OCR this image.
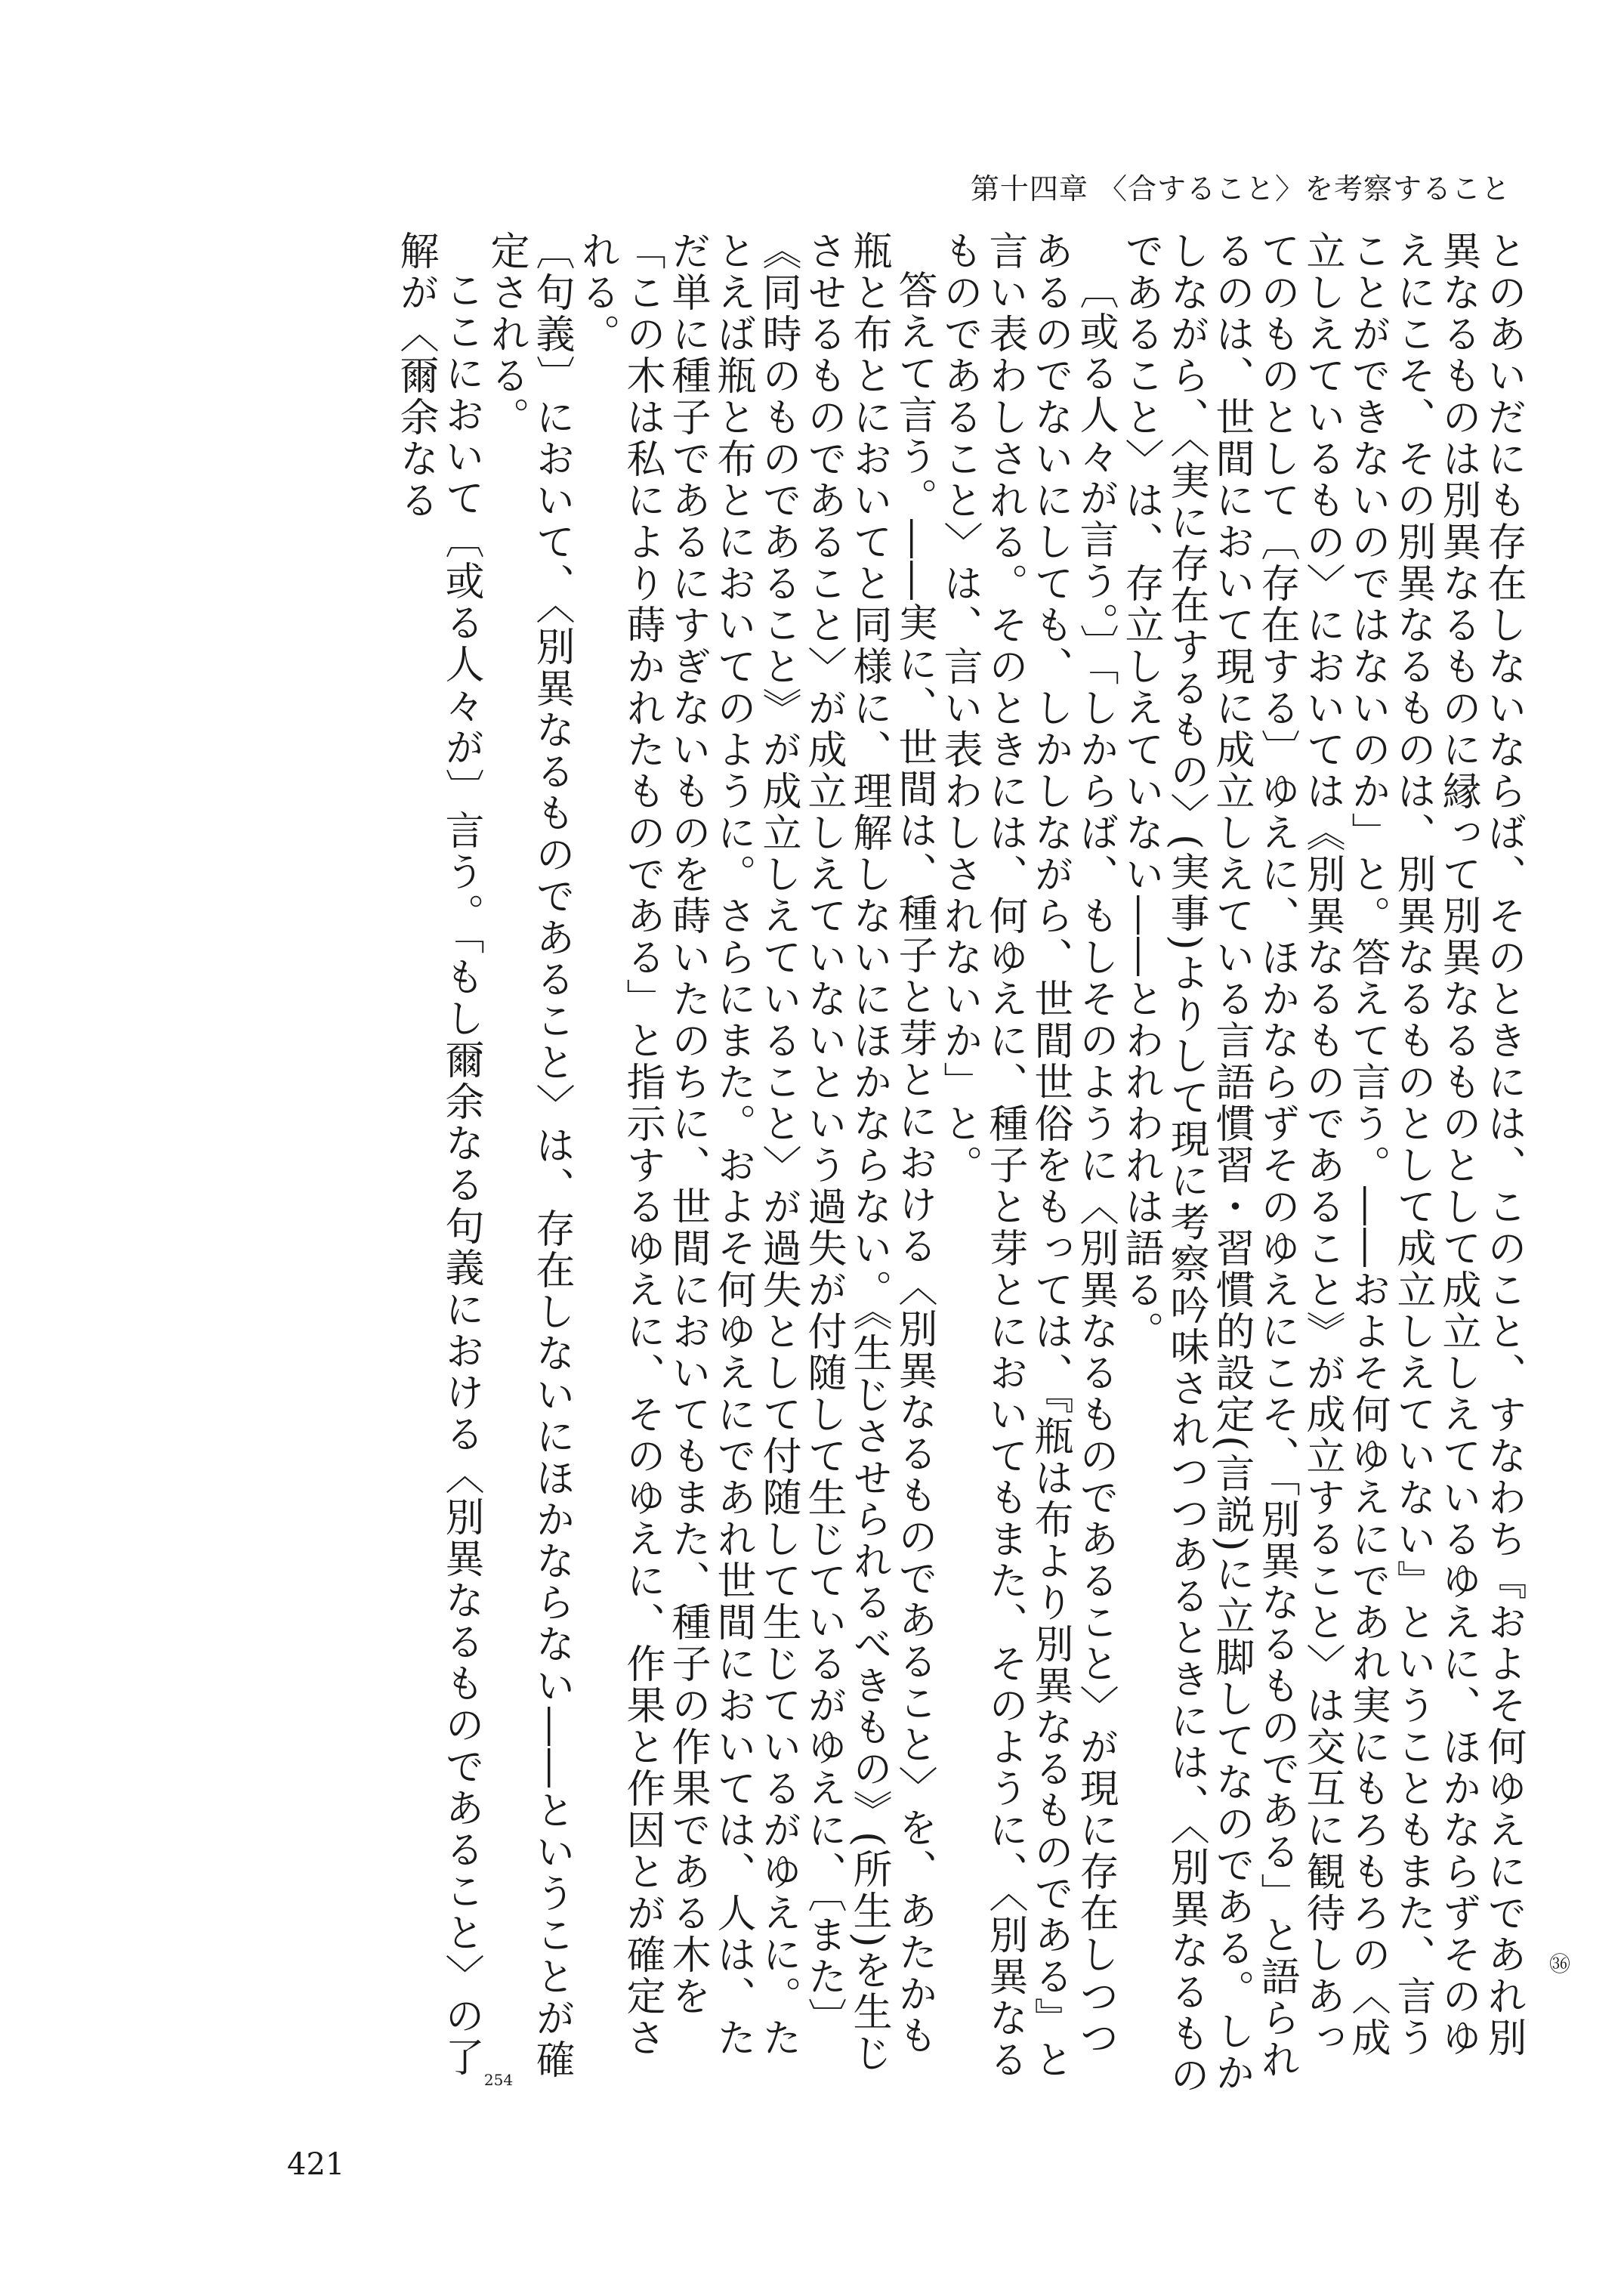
第十四章 〈合すること〉を考察すること

とのあいだにも存在しないならば、そのときには、このこと、すなわち『およそ何ゆえにであれ別異なるものは別異なるものに縁って別異なるものとして成立しえているゆえに、ほかならずそのゆえにこそ、その別異なるものは、別異なるものとして成立しえていない』ということもまた、言うことができないのではないのか」と。答えて言う。――およそ何ゆえにであれ実にもろもろの〈成立しえているもの〉においては《別異なるものであること》が成立すること〉は交互に観待しあってのものとして〔存在する〕ゆえに、ほかならずそのゆえにこそ、「別異なるものである」と語られるのは、世間において現に成立しえている言語慣習・習慣的設定(言説)に立脚してなのである。しかしながら、〈実に存在するもの〉(実事)よりして現に考察吟味されつつあるときには、〈別異なるものであること〉は、存立しえていない――とわれわれは語る。

〔或る人々が言う。〕「しからば、もしそのように〈別異なるものであること〉が現に存在しつつあるのでないにしても、しかしながら、世間世俗をもっては、『瓶は布より別異なるものである』と言い表わしされる。そのときには、何ゆえに、種子と芽とにおいてもまた、そのように、〈別異なるものであること〉は、言い表わしされないか」と。

答えて言う。――実に、世間は、種子と芽とにおける〈別異なるものであること〉を、あたかも瓶と布とにおいてと同様に、理解しないにほかならない。《生じさせられるべきもの》(所生)を生じさせるものであること〉が成立しえていないという過失が付随して生じているがゆえに、〔また〕《同時のものであること》が成立しえていること〉が過失として付随して生じているがゆえに。たとえば瓶と布とにおいてのように。さらにまた。およそ何ゆえにであれ世間においては、人は、ただ単に種子であるにすぎないものを蒔いたのちに、世間においてもまた、種子の作果である木を「この木は私により蒔かれたものである」と指示するゆえに、そのゆえに、作果と作因とが確定される。

〔句義〕において、〈別異なるものであること〉は、存在しないにほかならない――ということが確定される。

ここにおいて〔或る人々が〕言う。「もし爾余なる句義における〈別異なるものであること〉の了解が〈爾余なる

㊱
254
421
